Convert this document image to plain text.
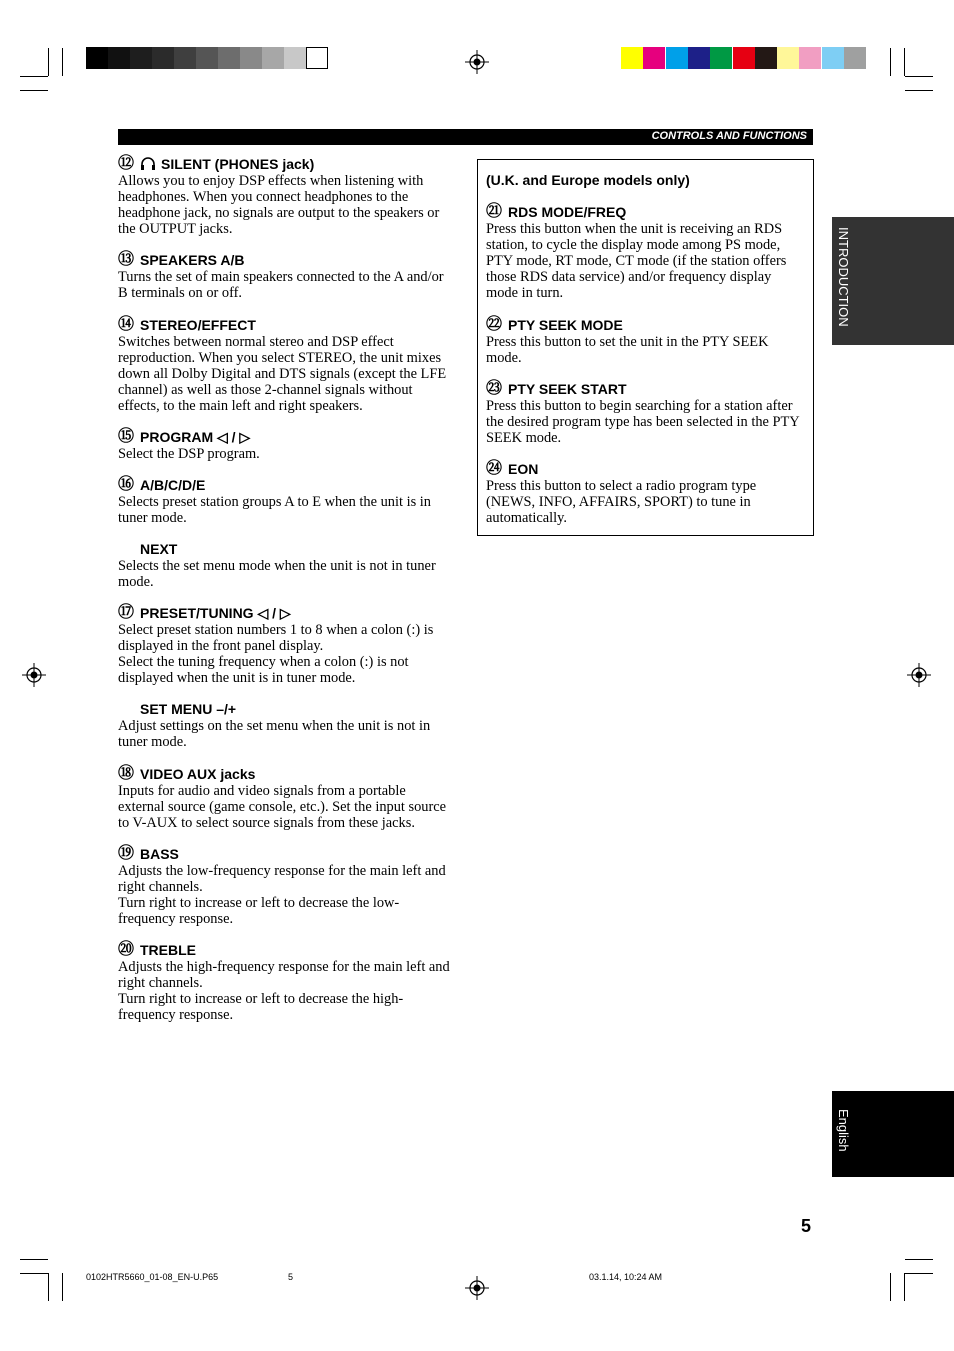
CONTROLS AND FUNCTIONS
⑫ SILENT (PHONES jack)
Allows you to enjoy DSP effects when listening with
headphones. When you connect headphones to the
headphone jack, no signals are output to the speakers or
the OUTPUT jacks.
⑬ SPEAKERS A/B
Turns the set of main speakers connected to the A and/or
B terminals on or off.
⑭ STEREO/EFFECT
Switches between normal stereo and DSP effect
reproduction. When you select STEREO, the unit mixes
down all Dolby Digital and DTS signals (except the LFE
channel) as well as those 2-channel signals without
effects, to the main left and right speakers.
⑮ PROGRAM ◁ / ▷
Select the DSP program.
⑯ A/B/C/D/E
Selects preset station groups A to E when the unit is in
tuner mode.
NEXT
Selects the set menu mode when the unit is not in tuner
mode.
⑰ PRESET/TUNING ◁ / ▷
Select preset station numbers 1 to 8 when a colon (:) is
displayed in the front panel display.
Select the tuning frequency when a colon (:) is not
displayed when the unit is in tuner mode.
SET MENU –/+
Adjust settings on the set menu when the unit is not in
tuner mode.
⑱ VIDEO AUX jacks
Inputs for audio and video signals from a portable
external source (game console, etc.). Set the input source
to V-AUX to select source signals from these jacks.
⑲ BASS
Adjusts the low-frequency response for the main left and
right channels.
Turn right to increase or left to decrease the low-
frequency response.
⑳ TREBLE
Adjusts the high-frequency response for the main left and
right channels.
Turn right to increase or left to decrease the high-
frequency response.
(U.K. and Europe models only)
㉑ RDS MODE/FREQ
Press this button when the unit is receiving an RDS
station, to cycle the display mode among PS mode,
PTY mode, RT mode, CT mode (if the station offers
those RDS data service) and/or frequency display
mode in turn.
㉒ PTY SEEK MODE
Press this button to set the unit in the PTY SEEK
mode.
㉓ PTY SEEK START
Press this button to begin searching for a station after
the desired program type has been selected in the PTY
SEEK mode.
㉔ EON
Press this button to select a radio program type
(NEWS, INFO, AFFAIRS, SPORT) to tune in
automatically.
INTRODUCTION
English
5
0102HTR5660_01-08_EN-U.P65	5	03.1.14, 10:24 AM
